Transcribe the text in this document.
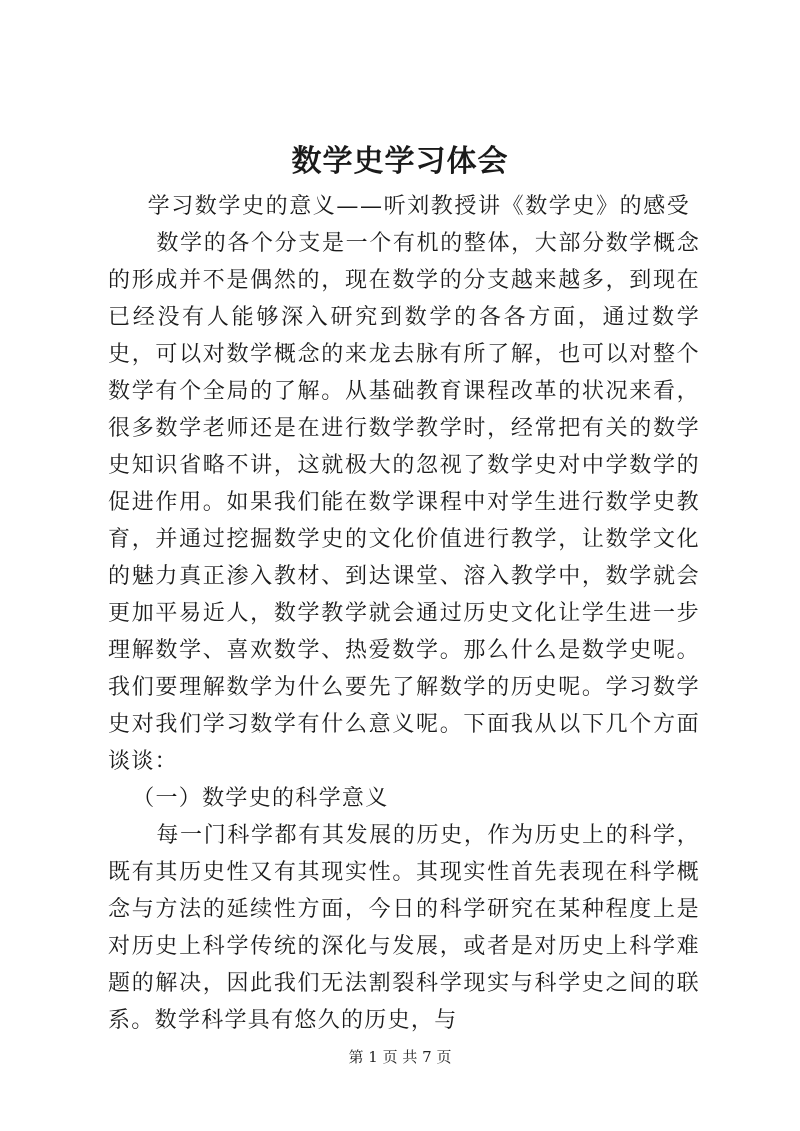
数学史学习体会

学习数学史的意义——听刘教授讲《数学史》的感受

数学的各个分支是一个有机的整体，大部分数学概念的形成并不是偶然的，现在数学的分支越来越多，到现在已经没有人能够深入研究到数学的各各方面，通过数学史，可以对数学概念的来龙去脉有所了解，也可以对整个数学有个全局的了解。从基础教育课程改革的状况来看，很多数学老师还是在进行数学教学时，经常把有关的数学史知识省略不讲，这就极大的忽视了数学史对中学数学的促进作用。如果我们能在数学课程中对学生进行数学史教育，并通过挖掘数学史的文化价值进行教学，让数学文化的魅力真正渗入教材、到达课堂、溶入教学中，数学就会更加平易近人，数学教学就会通过历史文化让学生进一步理解数学、喜欢数学、热爱数学。那么什么是数学史呢。我们要理解数学为什么要先了解数学的历史呢。学习数学史对我们学习数学有什么意义呢。下面我从以下几个方面谈谈：

（一）数学史的科学意义

每一门科学都有其发展的历史，作为历史上的科学，既有其历史性又有其现实性。其现实性首先表现在科学概念与方法的延续性方面，今日的科学研究在某种程度上是对历史上科学传统的深化与发展，或者是对历史上科学难题的解决，因此我们无法割裂科学现实与科学史之间的联系。数学科学具有悠久的历史，与

第 1 页 共 7 页
